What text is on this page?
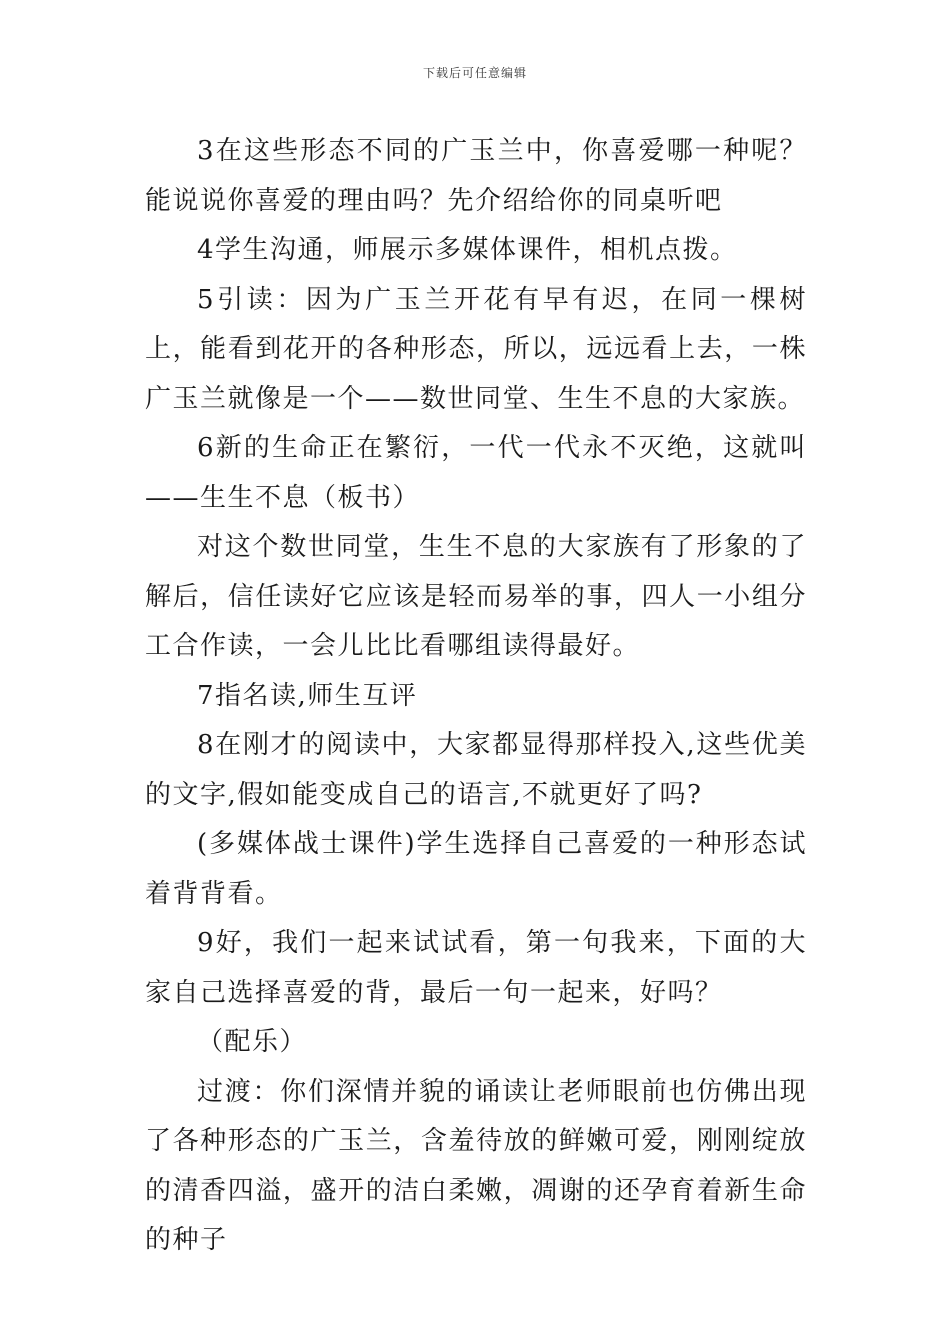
下载后可任意编辑

3在这些形态不同的广玉兰中，你喜爱哪一种呢？能说说你喜爱的理由吗？先介绍给你的同桌听吧

4学生沟通，师展示多媒体课件，相机点拨。

5引读：因为广玉兰开花有早有迟，在同一棵树上，能看到花开的各种形态，所以，远远看上去，一株广玉兰就像是一个——数世同堂、生生不息的大家族。

6新的生命正在繁衍，一代一代永不灭绝，这就叫——生生不息（板书）

对这个数世同堂，生生不息的大家族有了形象的了解后，信任读好它应该是轻而易举的事，四人一小组分工合作读，一会儿比比看哪组读得最好。

7指名读,师生互评

8在刚才的阅读中，大家都显得那样投入,这些优美的文字,假如能变成自己的语言,不就更好了吗?

(多媒体战士课件)学生选择自己喜爱的一种形态试着背背看。

9好，我们一起来试试看，第一句我来，下面的大家自己选择喜爱的背，最后一句一起来，好吗？

（配乐）

过渡：你们深情并貌的诵读让老师眼前也仿佛出现了各种形态的广玉兰，含羞待放的鲜嫩可爱，刚刚绽放的清香四溢，盛开的洁白柔嫩，凋谢的还孕育着新生命的种子
